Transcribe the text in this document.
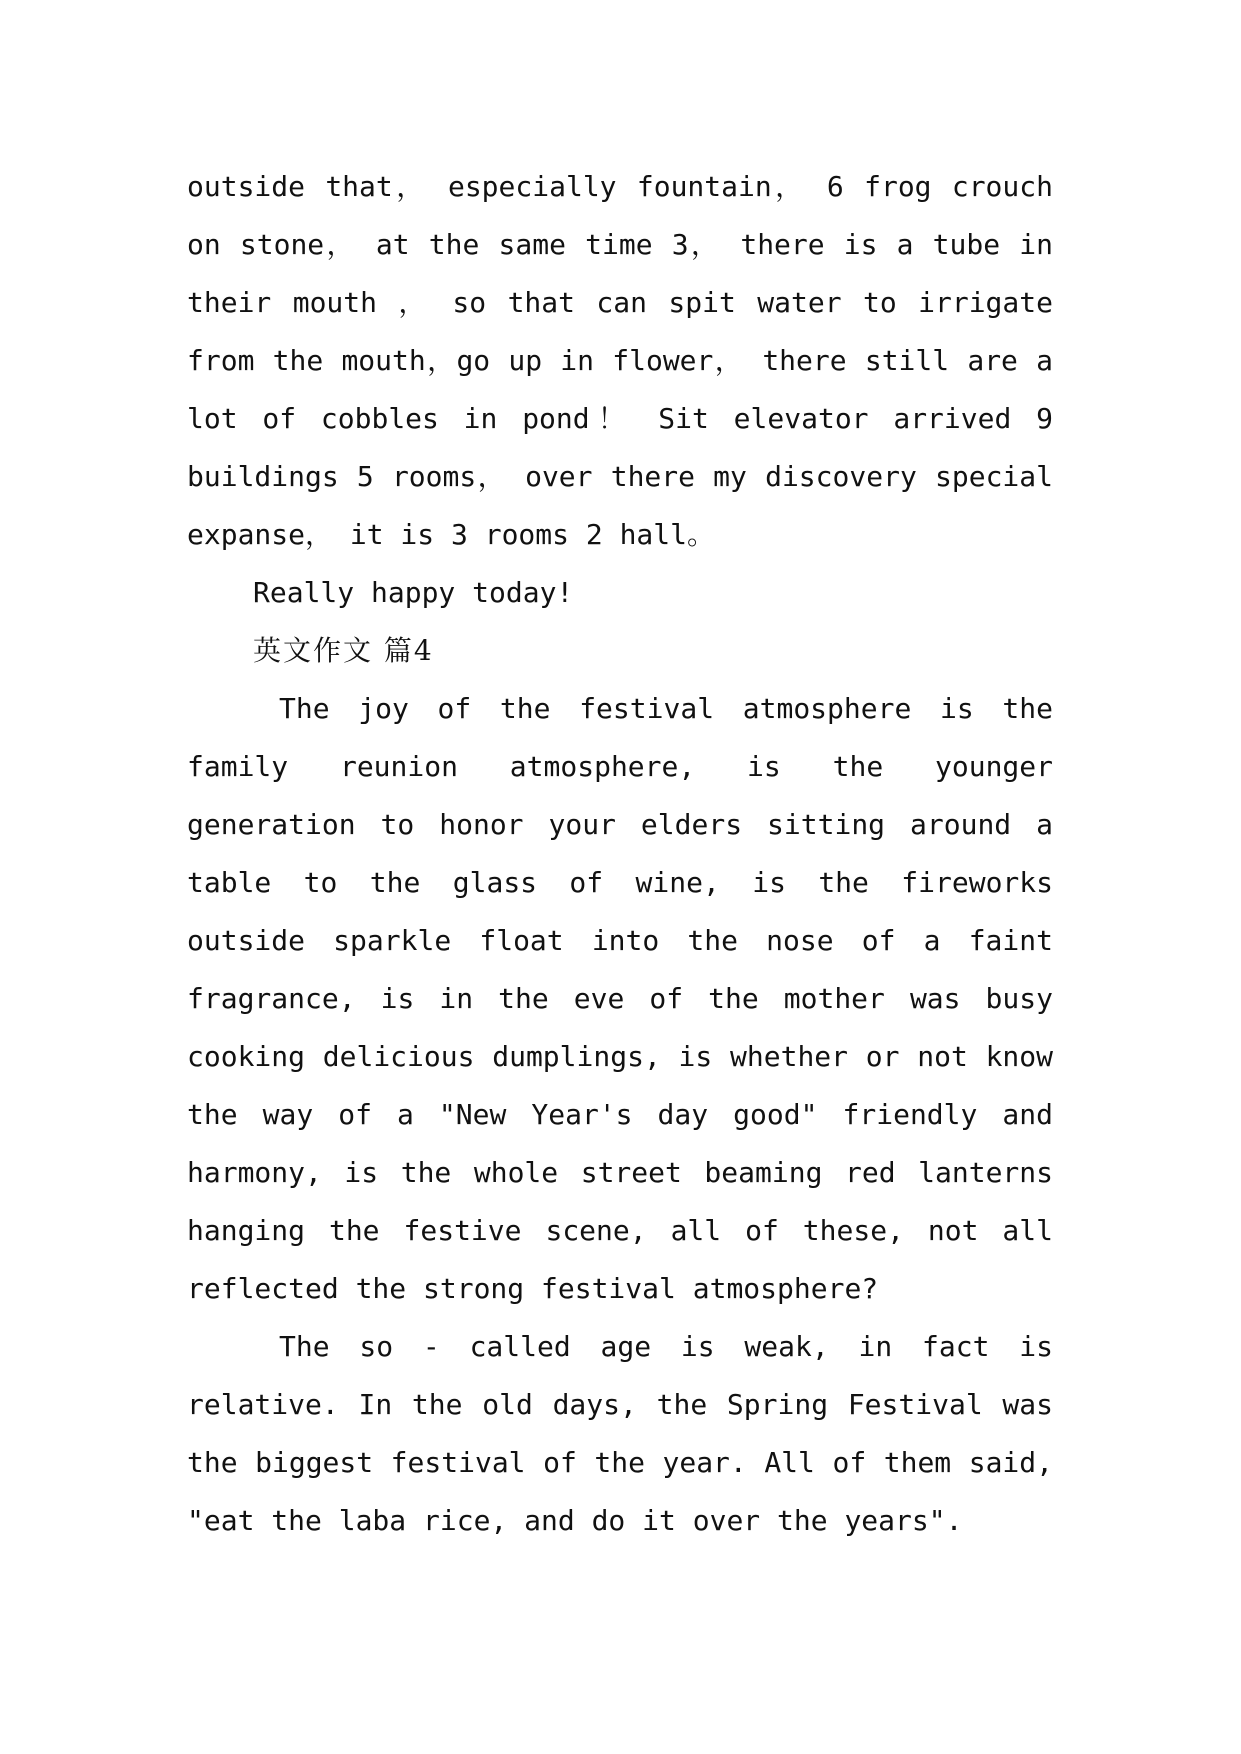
outside that， especially fountain， 6 frog crouch on stone， at the same time 3， there is a tube in their mouth ， so that can spit water to irrigate from the mouth，go up in flower， there still are a lot of cobbles in pond！ Sit elevator arrived 9 buildings 5 rooms， over there my discovery special expanse， it is 3 rooms 2 hall。

Really happy today!

英文作文 篇4

The joy of the festival atmosphere is the family reunion atmosphere, is the younger generation to honor your elders sitting around a table to the glass of wine, is the fireworks outside sparkle float into the nose of a faint fragrance, is in the eve of the mother was busy cooking delicious dumplings, is whether or not know the way of a "New Year's day good" friendly and harmony, is the whole street beaming red lanterns hanging the festive scene, all of these, not all reflected the strong festival atmosphere?

The so - called age is weak, in fact is relative. In the old days, the Spring Festival was the biggest festival of the year. All of them said, "eat the laba rice, and do it over the years".
